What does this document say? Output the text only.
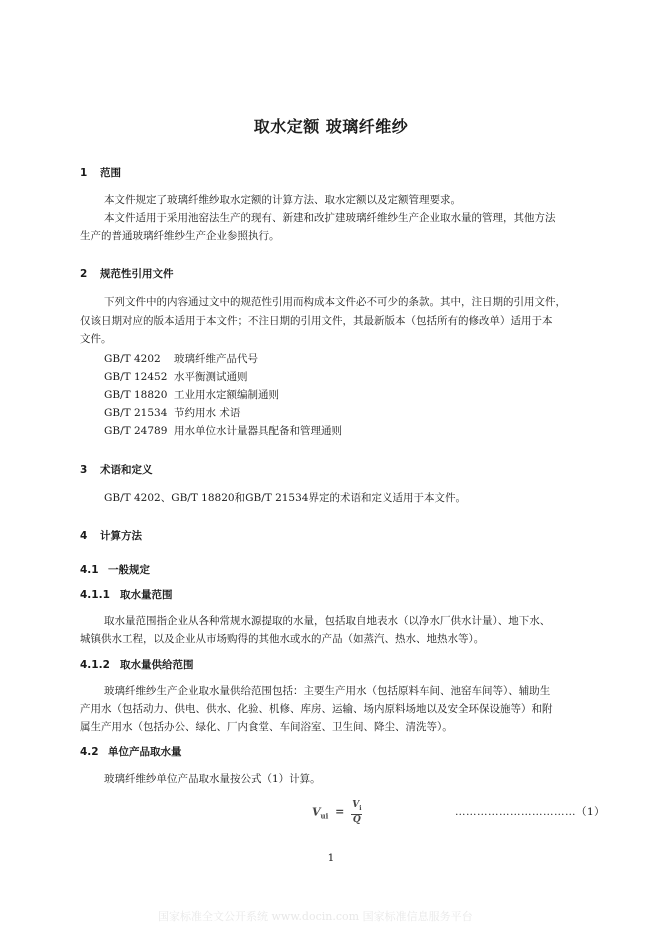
取水定额 玻璃纤维纱
1 范围
本文件规定了玻璃纤维纱取水定额的计算方法、取水定额以及定额管理要求。
本文件适用于采用池窑法生产的现有、新建和改扩建玻璃纤维纱生产企业取水量的管理，其他方法
生产的普通玻璃纤维纱生产企业参照执行。
2 规范性引用文件
下列文件中的内容通过文中的规范性引用而构成本文件必不可少的条款。其中，注日期的引用文件，
仅该日期对应的版本适用于本文件；不注日期的引用文件，其最新版本（包括所有的修改单）适用于本
文件。
GB/T 4202 玻璃纤维产品代号
GB/T 12452 水平衡测试通则
GB/T 18820 工业用水定额编制通则
GB/T 21534 节约用水 术语
GB/T 24789 用水单位水计量器具配备和管理通则
3 术语和定义
GB/T 4202、GB/T 18820和GB/T 21534界定的术语和定义适用于本文件。
4 计算方法
4.1 一般规定
4.1.1 取水量范围
取水量范围指企业从各种常规水源提取的水量，包括取自地表水（以净水厂供水计量）、地下水、
城镇供水工程，以及企业从市场购得的其他水或水的产品（如蒸汽、热水、地热水等）。
4.1.2 取水量供给范围
玻璃纤维纱生产企业取水量供给范围包括：主要生产用水（包括原料车间、池窑车间等）、辅助生
产用水（包括动力、供电、供水、化验、机修、库房、运输、场内原料场地以及安全环保设施等）和附
属生产用水（包括办公、绿化、厂内食堂、车间浴室、卫生间、降尘、清洗等）。
4.2 单位产品取水量
玻璃纤维纱单位产品取水量按公式（1）计算。
$V_{ui} = \frac{V_i}{Q}$	……………………………（1）
1
国家标准全文公开系统 www.docin.com 国家标准信息服务平台
